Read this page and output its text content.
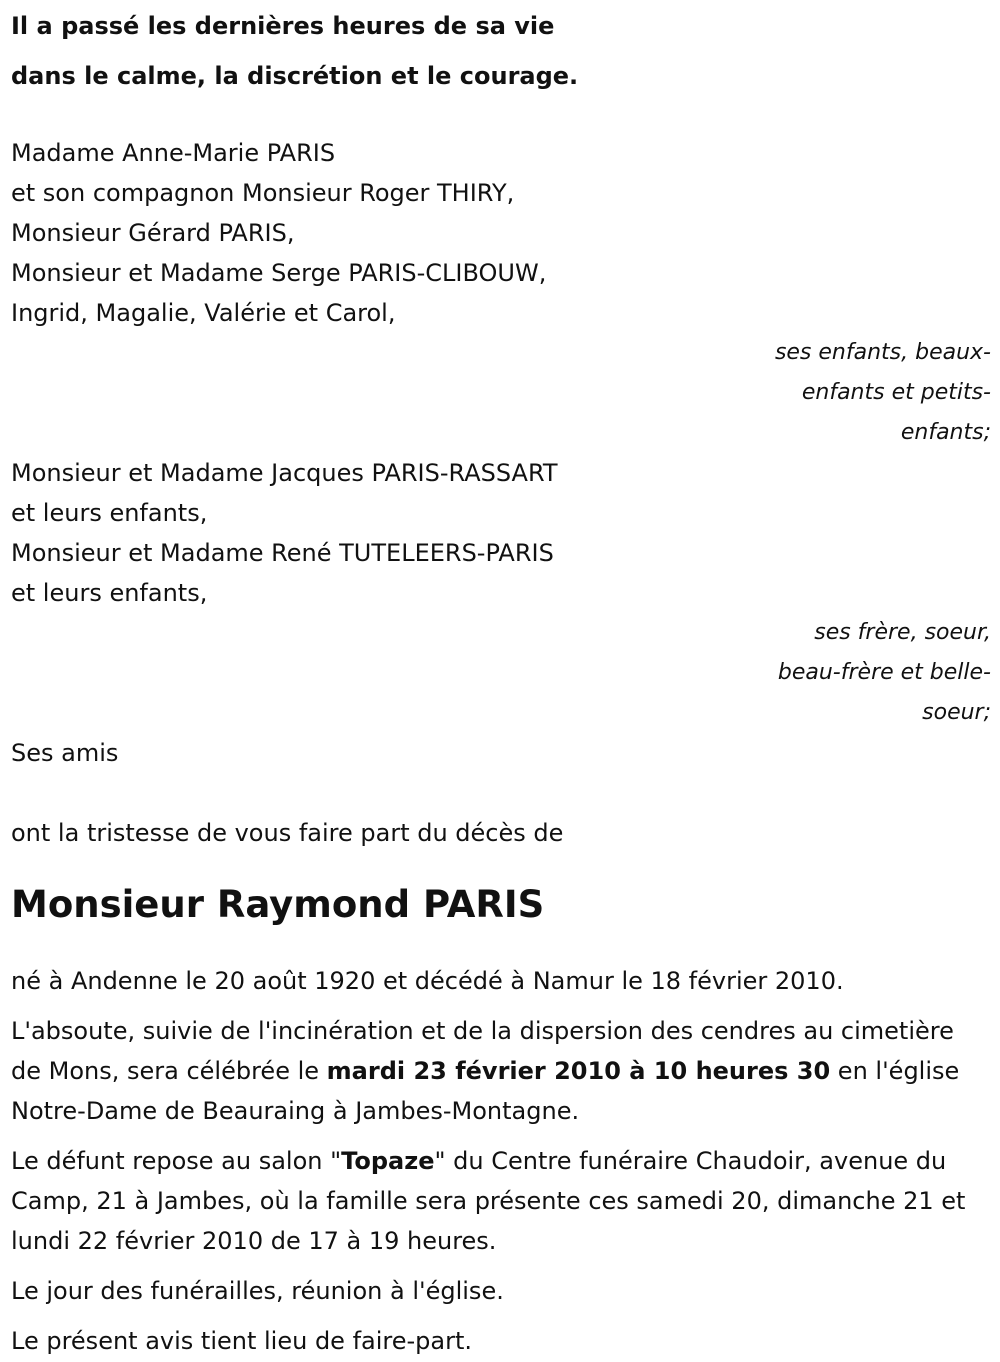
Il a passé les dernières heures de sa vie
dans le calme, la discrétion et le courage.
Madame Anne-Marie PARIS
et son compagnon Monsieur Roger THIRY,
Monsieur Gérard PARIS,
Monsieur et Madame Serge PARIS-CLIBOUW,
Ingrid, Magalie, Valérie et Carol,
ses enfants, beaux-
enfants et petits-
enfants;
Monsieur et Madame Jacques PARIS-RASSART
et leurs enfants,
Monsieur et Madame René TUTELEERS-PARIS
et leurs enfants,
ses frère, soeur,
beau-frère et belle-
soeur;
Ses amis
ont la tristesse de vous faire part du décès de
Monsieur Raymond PARIS

né à Andenne le 20 août 1920 et décédé à Namur le 18 février 2010.

L'absoute, suivie de l'incinération et de la dispersion des cendres au cimetière de Mons, sera célébrée le mardi 23 février 2010 à 10 heures 30 en l'église Notre-Dame de Beauraing à Jambes-Montagne.

Le défunt repose au salon "Topaze" du Centre funéraire Chaudoir, avenue du Camp, 21 à Jambes, où la famille sera présente ces samedi 20, dimanche 21 et lundi 22 février 2010 de 17 à 19 heures.

Le jour des funérailles, réunion à l'église.

Le présent avis tient lieu de faire-part.
